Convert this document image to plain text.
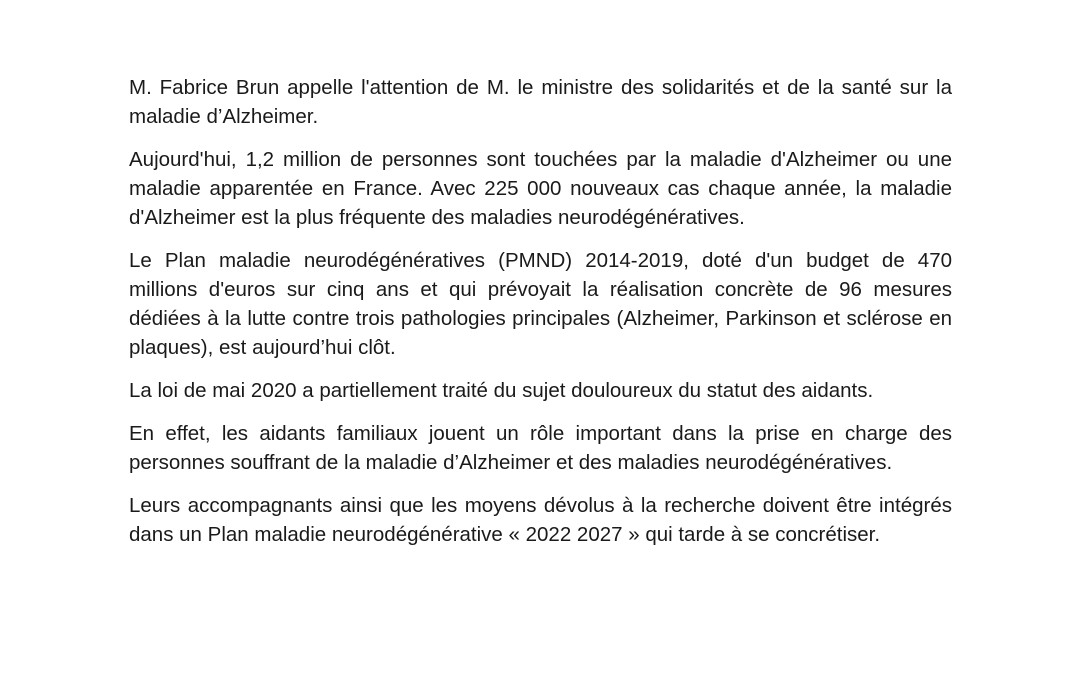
M. Fabrice Brun appelle l'attention de M. le ministre des solidarités et de la santé sur la maladie d’Alzheimer.

Aujourd'hui, 1,2 million de personnes sont touchées par la maladie d'Alzheimer ou une maladie apparentée en France. Avec 225 000 nouveaux cas chaque année, la maladie d'Alzheimer est la plus fréquente des maladies neurodégénératives.

Le Plan maladie neurodégénératives (PMND) 2014-2019, doté d'un budget de 470 millions d'euros sur cinq ans et qui prévoyait la réalisation concrète de 96 mesures dédiées à la lutte contre trois pathologies principales (Alzheimer, Parkinson et sclérose en plaques), est aujourd’hui clôt.

La loi de mai 2020 a partiellement traité du sujet douloureux du statut des aidants.

En effet, les aidants familiaux jouent un rôle important dans la prise en charge des personnes souffrant de la maladie d’Alzheimer et des maladies neurodégénératives.

Leurs accompagnants ainsi que les moyens dévolus à la recherche doivent être intégrés dans un Plan maladie neurodégénérative « 2022 2027 » qui tarde à se concrétiser.
